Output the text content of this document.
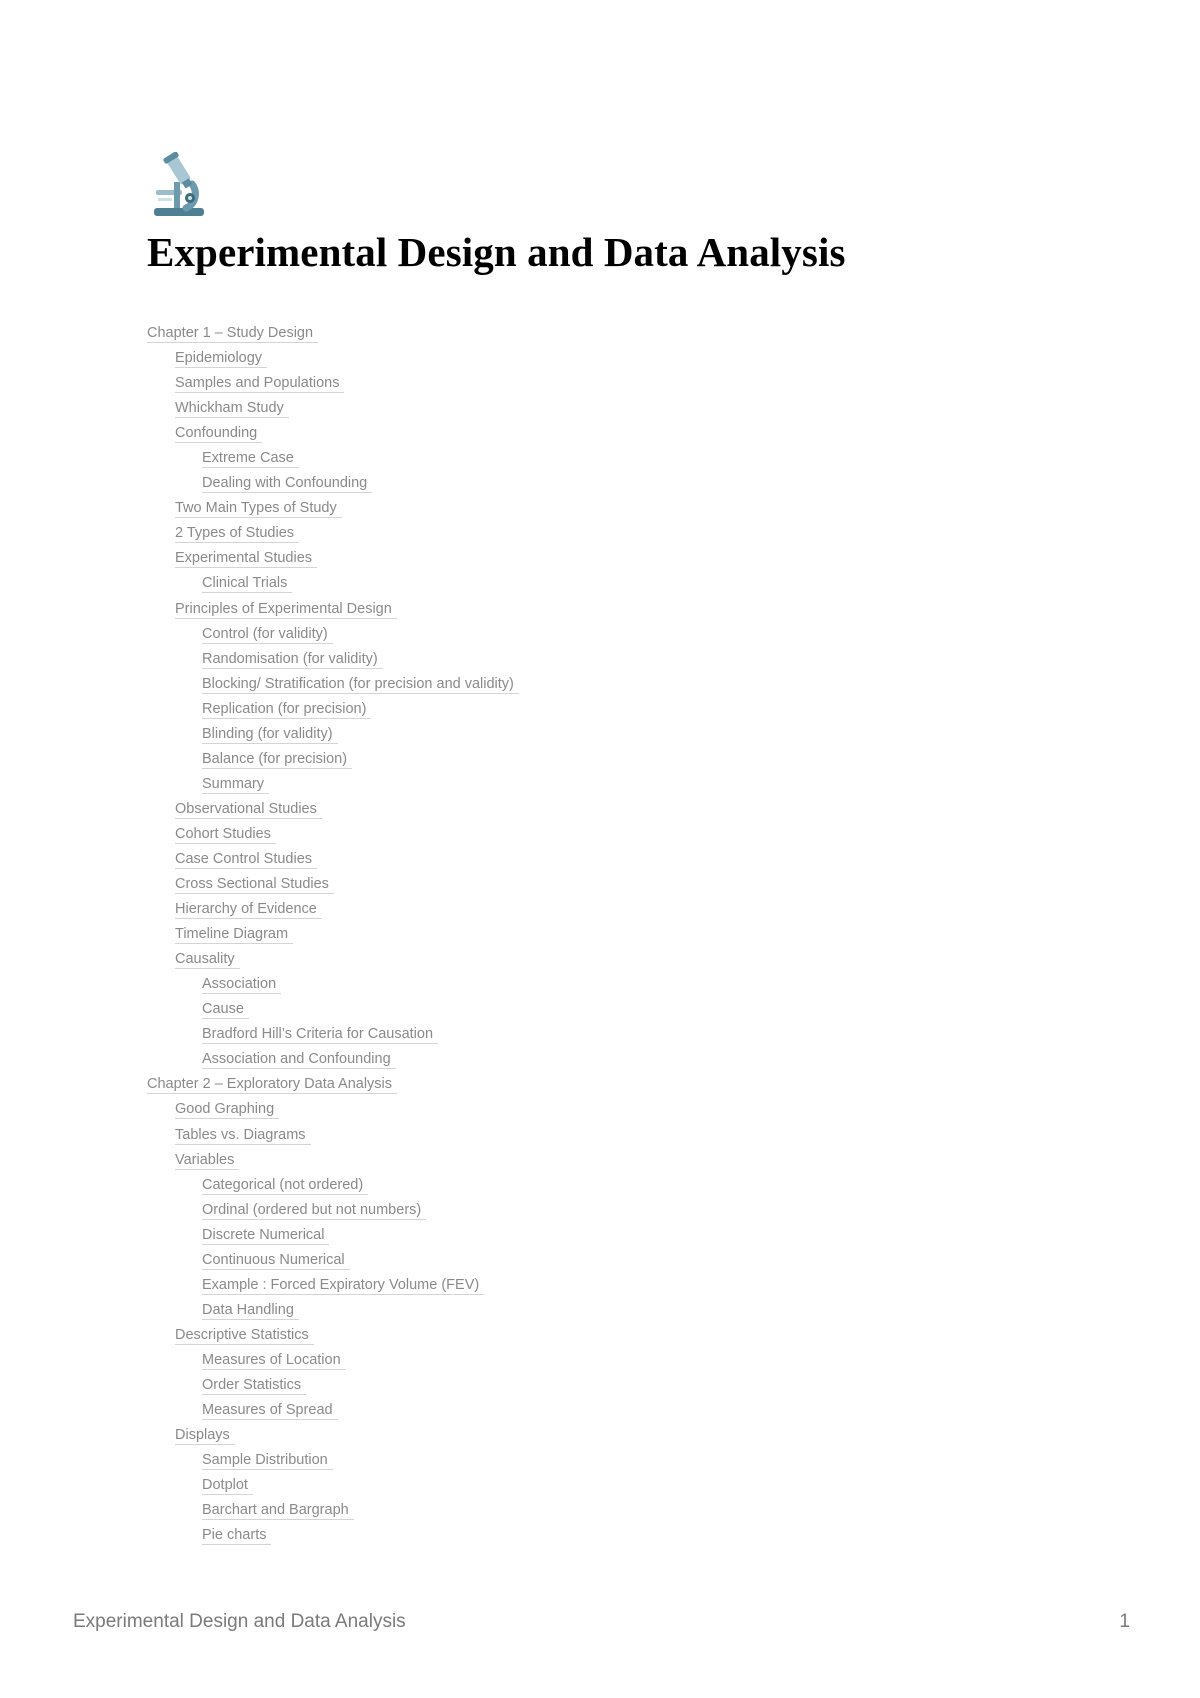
Experimental Design and Data Analysis
Chapter 1 – Study Design
Epidemiology
Samples and Populations
Whickham Study
Confounding
Extreme Case
Dealing with Confounding
Two Main Types of Study
2 Types of Studies
Experimental Studies
Clinical Trials
Principles of Experimental Design
Control (for validity)
Randomisation (for validity)
Blocking/ Stratification (for precision and validity)
Replication (for precision)
Blinding (for validity)
Balance (for precision)
Summary
Observational Studies
Cohort Studies
Case Control Studies
Cross Sectional Studies
Hierarchy of Evidence
Timeline Diagram
Causality
Association
Cause
Bradford Hill’s Criteria for Causation
Association and Confounding
Chapter 2 – Exploratory Data Analysis
Good Graphing
Tables vs. Diagrams
Variables
Categorical (not ordered)
Ordinal (ordered but not numbers)
Discrete Numerical
Continuous Numerical
Example : Forced Expiratory Volume (FEV)
Data Handling
Descriptive Statistics
Measures of Location
Order Statistics
Measures of Spread
Displays
Sample Distribution
Dotplot
Barchart and Bargraph
Pie charts
Experimental Design and Data Analysis	1
